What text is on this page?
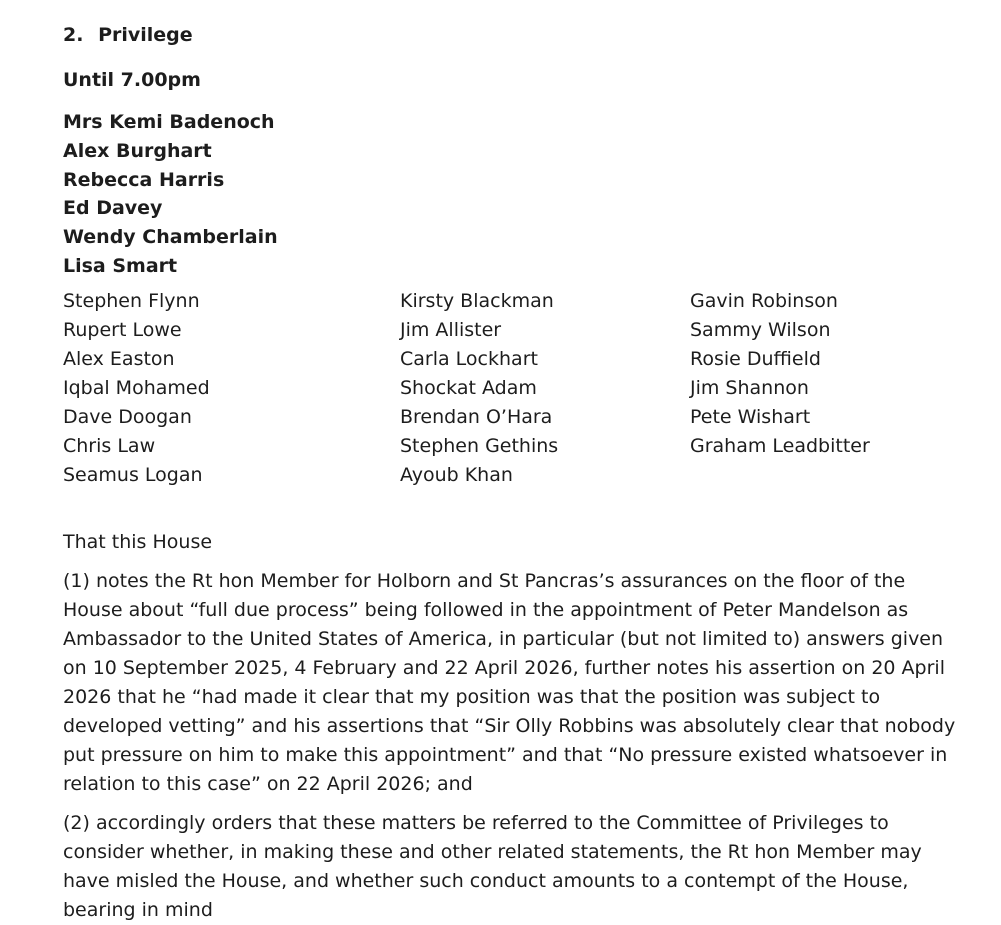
2. Privilege
Until 7.00pm
Mrs Kemi Badenoch
Alex Burghart
Rebecca Harris
Ed Davey
Wendy Chamberlain
Lisa Smart
Stephen Flynn
Rupert Lowe
Alex Easton
Iqbal Mohamed
Dave Doogan
Chris Law
Seamus Logan
Kirsty Blackman
Jim Allister
Carla Lockhart
Shockat Adam
Brendan O’Hara
Stephen Gethins
Ayoub Khan
Gavin Robinson
Sammy Wilson
Rosie Duffield
Jim Shannon
Pete Wishart
Graham Leadbitter

That this House

(1) notes the Rt hon Member for Holborn and St Pancras’s assurances on the floor of the House about “full due process” being followed in the appointment of Peter Mandelson as Ambassador to the United States of America, in particular (but not limited to) answers given on 10 September 2025, 4 February and 22 April 2026, further notes his assertion on 20 April 2026 that he “had made it clear that my position was that the position was subject to developed vetting” and his assertions that “Sir Olly Robbins was absolutely clear that nobody put pressure on him to make this appointment” and that “No pressure existed whatsoever in relation to this case” on 22 April 2026; and

(2) accordingly orders that these matters be referred to the Committee of Privileges to consider whether, in making these and other related statements, the Rt hon Member may have misled the House, and whether such conduct amounts to a contempt of the House, bearing in mind
